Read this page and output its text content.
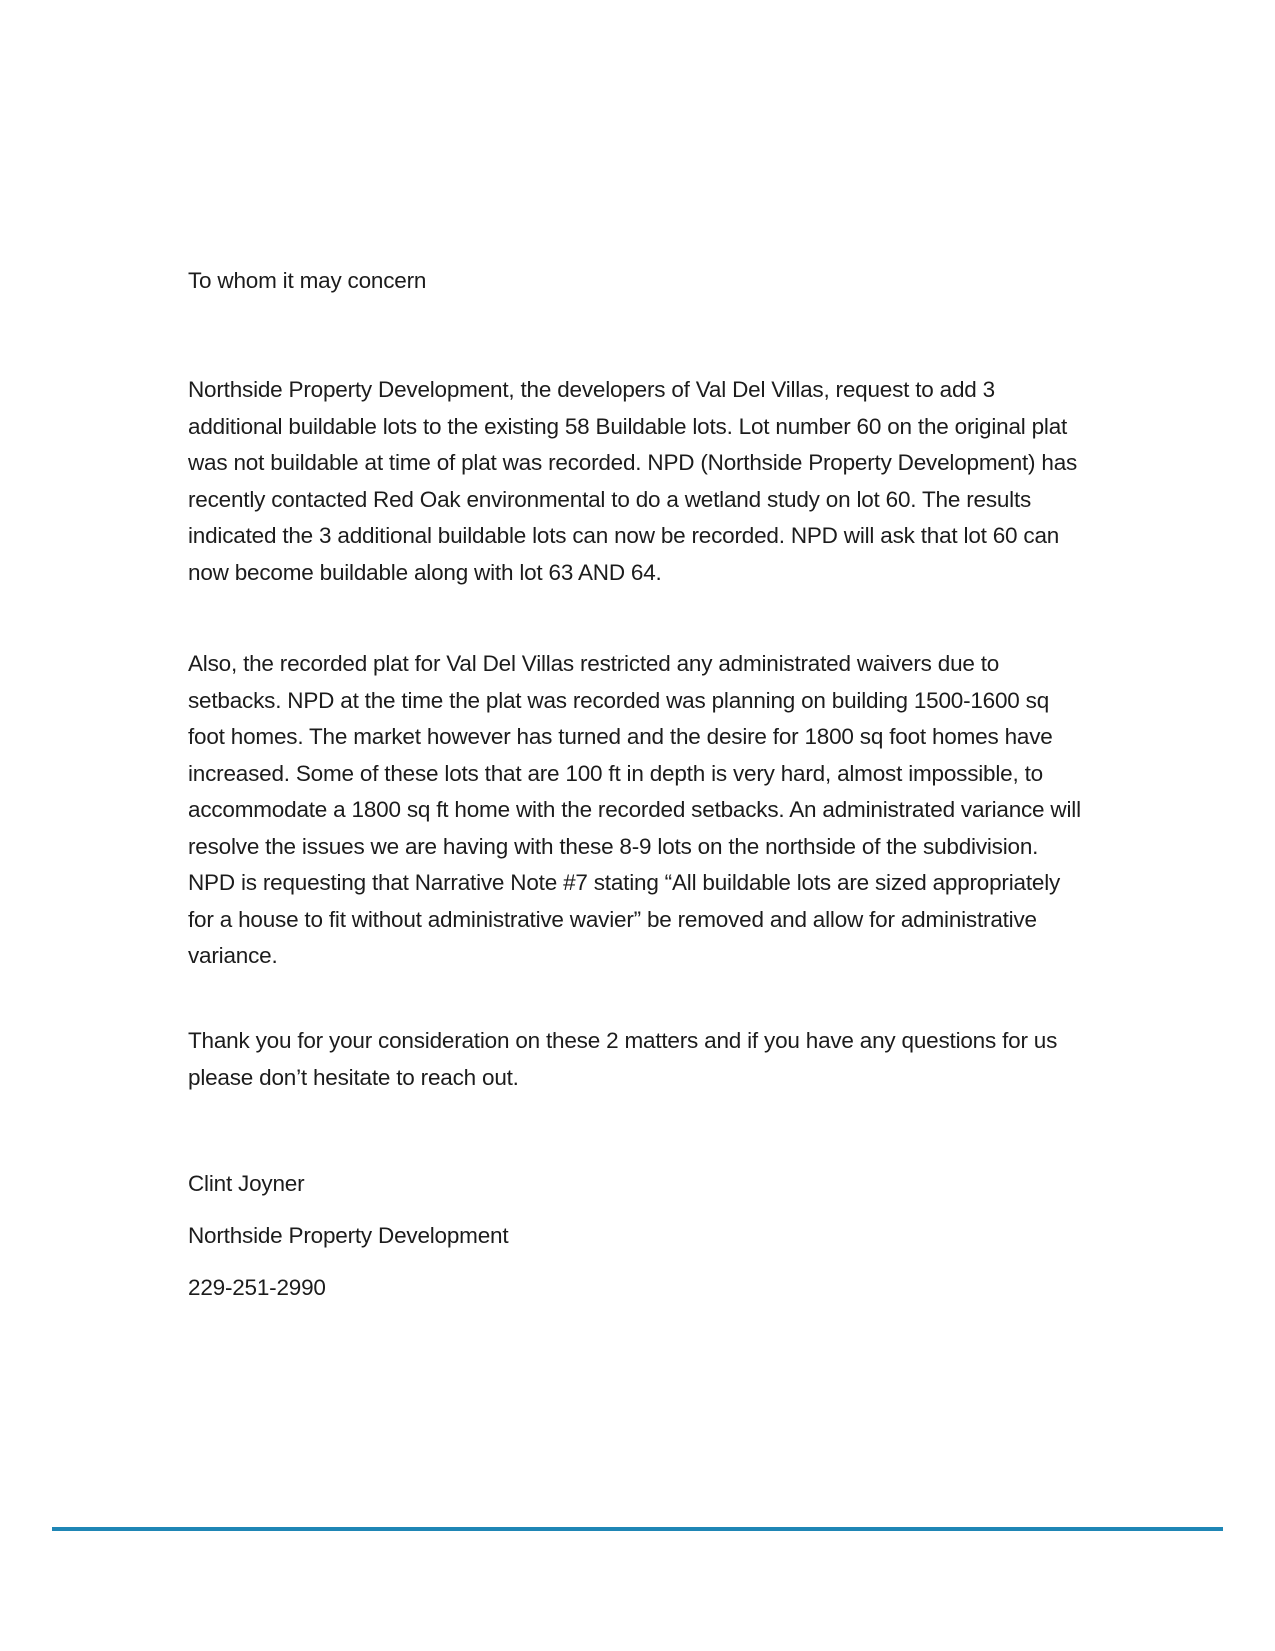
To whom it may concern

Northside Property Development, the developers of Val Del Villas, request to add 3 additional buildable lots to the existing 58 Buildable lots. Lot number 60 on the original plat was not buildable at time of plat was recorded. NPD (Northside Property Development) has recently contacted Red Oak environmental to do a wetland study on lot 60. The results indicated the 3 additional buildable lots can now be recorded. NPD will ask that lot 60 can now become buildable along with lot 63 AND 64.

Also, the recorded plat for Val Del Villas restricted any administrated waivers due to setbacks. NPD at the time the plat was recorded was planning on building 1500-1600 sq foot homes. The market however has turned and the desire for 1800 sq foot homes have increased. Some of these lots that are 100 ft in depth is very hard, almost impossible, to accommodate a 1800 sq ft home with the recorded setbacks. An administrated variance will resolve the issues we are having with these 8-9 lots on the northside of the subdivision. NPD is requesting that Narrative Note #7 stating “All buildable lots are sized appropriately for a house to fit without administrative wavier” be removed and allow for administrative variance.

Thank you for your consideration on these 2 matters and if you have any questions for us please don’t hesitate to reach out.

Clint Joyner
Northside Property Development
229-251-2990
